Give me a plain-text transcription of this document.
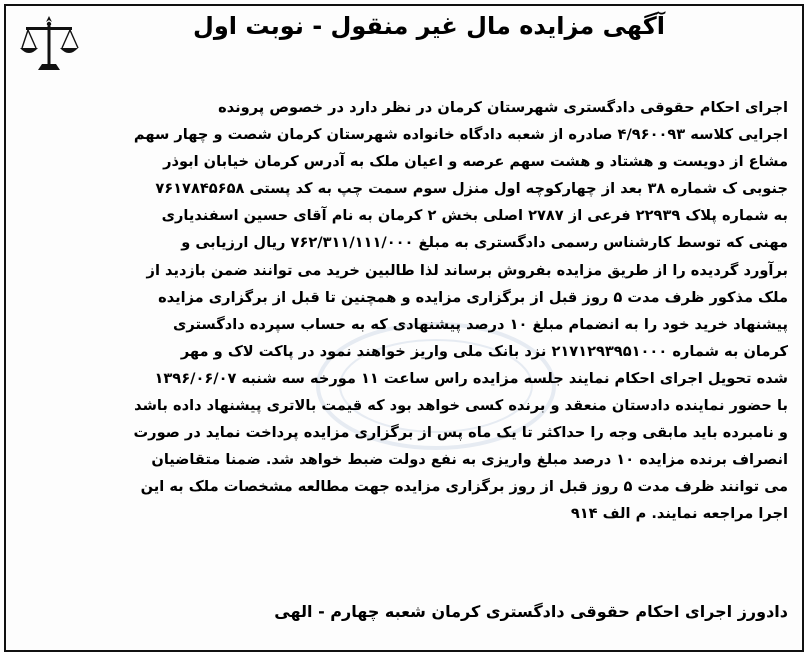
آگهی مزایده مال غیر منقول - نوبت اول
اجرای احکام حقوقی دادگستری شهرستان کرمان در نظر دارد در خصوص پرونده
اجرایی کلاسه ۴/۹۶۰۰۹۳ صادره از شعبه دادگاه خانواده شهرستان کرمان شصت و چهار سهم
مشاع از دویست و هشتاد و هشت سهم عرصه و اعیان ملک به آدرس کرمان خیابان ابوذر
جنوبی ک شماره ۳۸ بعد از چهارکوچه اول منزل سوم سمت چپ به کد پستی ۷۶۱۷۸۴۵۶۵۸
به شماره پلاک ۲۲۹۳۹ فرعی از ۲۷۸۷ اصلی بخش ۲ کرمان به نام آقای حسین اسفندیاری
مهنی که توسط کارشناس رسمی دادگستری به مبلغ ۷۶۲/۳۱۱/۱۱۱/۰۰۰ ریال ارزیابی و
برآورد گردیده را از طریق مزایده بفروش برساند لذا طالبین خرید می توانند ضمن بازدید از
ملک مذکور ظرف مدت ۵ روز قبل از برگزاری مزایده و همچنین تا قبل از برگزاری مزایده
پیشنهاد خرید خود را به انضمام مبلغ ۱۰ درصد پیشنهادی که به حساب سپرده دادگستری
کرمان به شماره ۲۱۷۱۲۹۳۹۵۱۰۰۰ نزد بانک ملی واریز خواهند نمود در پاکت لاک و مهر
شده تحویل اجرای احکام نمایند جلسه مزایده راس ساعت ۱۱ مورخه سه شنبه ۱۳۹۶/۰۶/۰۷
با حضور نماینده دادستان منعقد و برنده کسی خواهد بود که قیمت بالاتری پیشنهاد داده باشد
و نامبرده باید مابقی وجه را حداکثر تا یک ماه پس از برگزاری مزایده پرداخت نماید در صورت
انصراف برنده مزایده ۱۰ درصد مبلغ واریزی به نفع دولت ضبط خواهد شد. ضمنا متقاضیان
می توانند ظرف مدت ۵ روز قبل از روز برگزاری مزایده جهت مطالعه مشخصات ملک به این
اجرا مراجعه نمایند. م الف ۹۱۴
دادورز اجرای احکام حقوقی دادگستری کرمان شعبه چهارم - الهی
